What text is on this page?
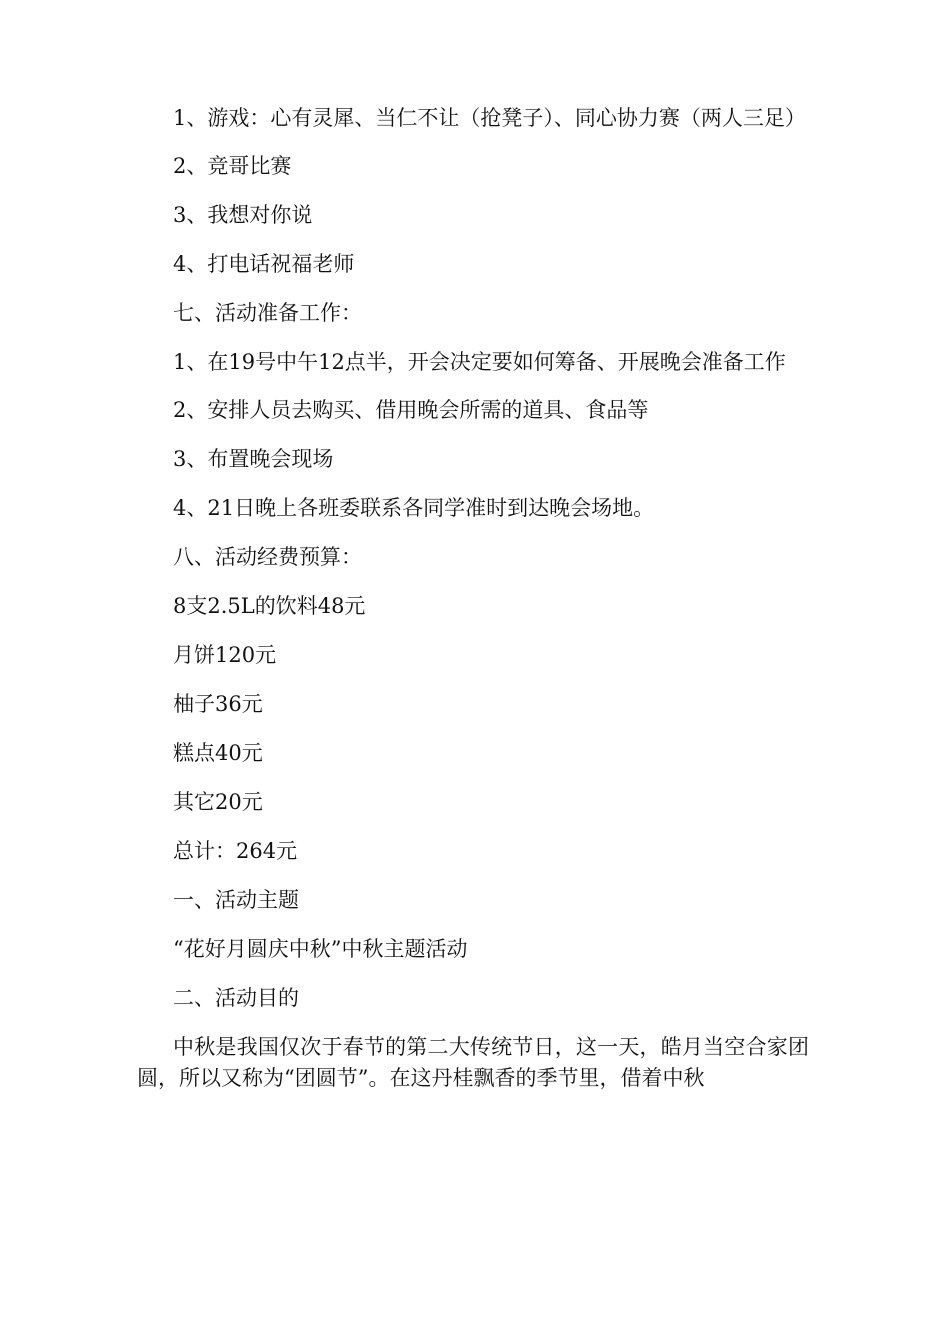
1、游戏：心有灵犀、当仁不让（抢凳子）、同心协力赛（两人三足）

2、竞哥比赛

3、我想对你说

4、打电话祝福老师

七、活动准备工作：

1、在19号中午12点半，开会决定要如何筹备、开展晚会准备工作

2、安排人员去购买、借用晚会所需的道具、食品等

3、布置晚会现场

4、21日晚上各班委联系各同学准时到达晚会场地。

八、活动经费预算：

8支2.5L的饮料48元

月饼120元

柚子36元

糕点40元

其它20元

总计：264元

一、活动主题

“花好月圆庆中秋”中秋主题活动

二、活动目的

中秋是我国仅次于春节的第二大传统节日，这一天，皓月当空合家团圆，所以又称为“团圆节”。在这丹桂飘香的季节里，借着中秋
